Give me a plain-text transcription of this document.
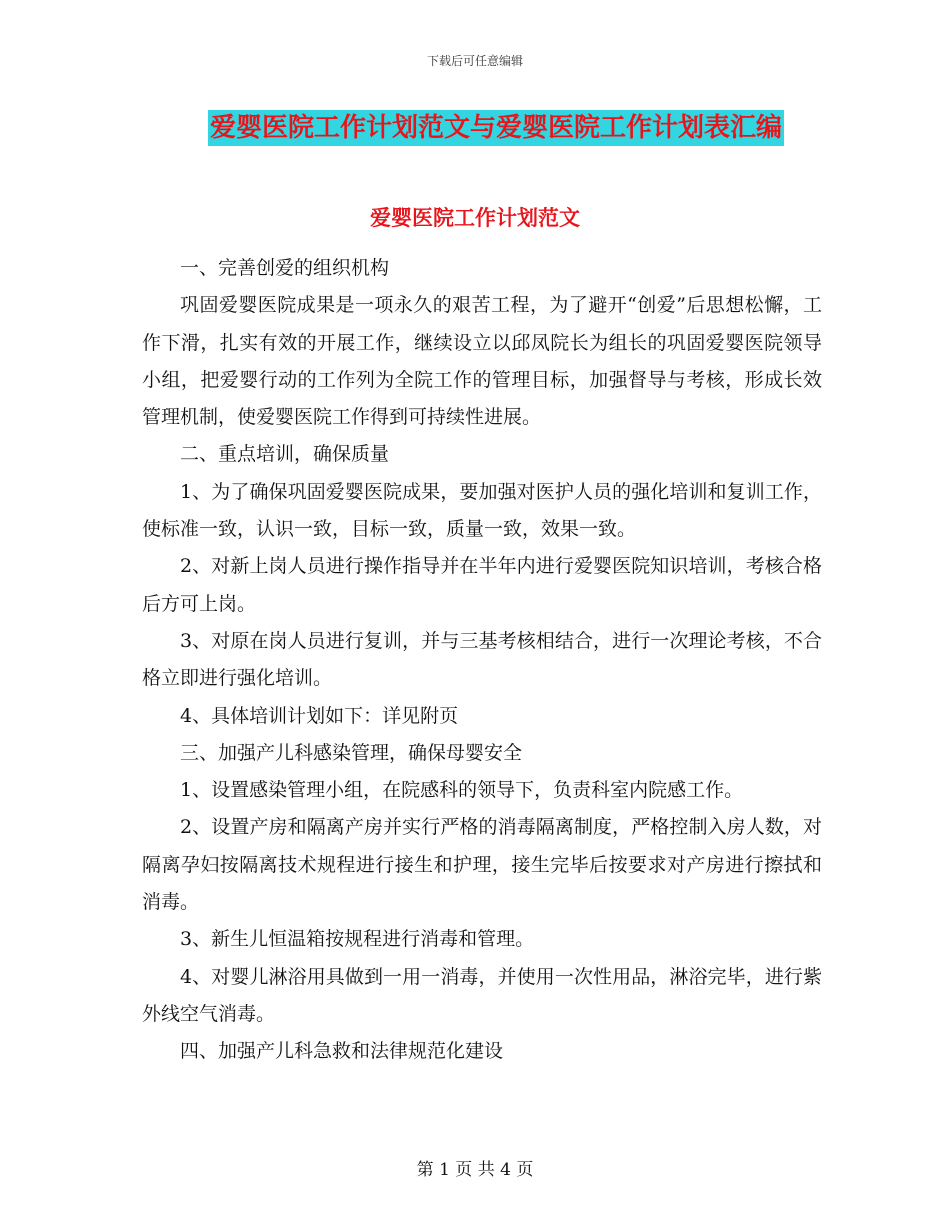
下载后可任意编辑
爱婴医院工作计划范文与爱婴医院工作计划表汇编
爱婴医院工作计划范文

一、完善创爱的组织机构

巩固爱婴医院成果是一项永久的艰苦工程，为了避开“创爱”后思想松懈，工作下滑，扎实有效的开展工作，继续设立以邱凤院长为组长的巩固爱婴医院领导小组，把爱婴行动的工作列为全院工作的管理目标，加强督导与考核，形成长效管理机制，使爱婴医院工作得到可持续性进展。

二、重点培训，确保质量

1、为了确保巩固爱婴医院成果，要加强对医护人员的强化培训和复训工作，使标准一致，认识一致，目标一致，质量一致，效果一致。

2、对新上岗人员进行操作指导并在半年内进行爱婴医院知识培训，考核合格后方可上岗。

3、对原在岗人员进行复训，并与三基考核相结合，进行一次理论考核，不合格立即进行强化培训。

4、具体培训计划如下：详见附页

三、加强产儿科感染管理，确保母婴安全

1、设置感染管理小组，在院感科的领导下，负责科室内院感工作。

2、设置产房和隔离产房并实行严格的消毒隔离制度，严格控制入房人数，对隔离孕妇按隔离技术规程进行接生和护理，接生完毕后按要求对产房进行擦拭和消毒。

3、新生儿恒温箱按规程进行消毒和管理。

4、对婴儿淋浴用具做到一用一消毒，并使用一次性用品，淋浴完毕，进行紫外线空气消毒。

四、加强产儿科急救和法律规范化建设

第 1 页 共 4 页
